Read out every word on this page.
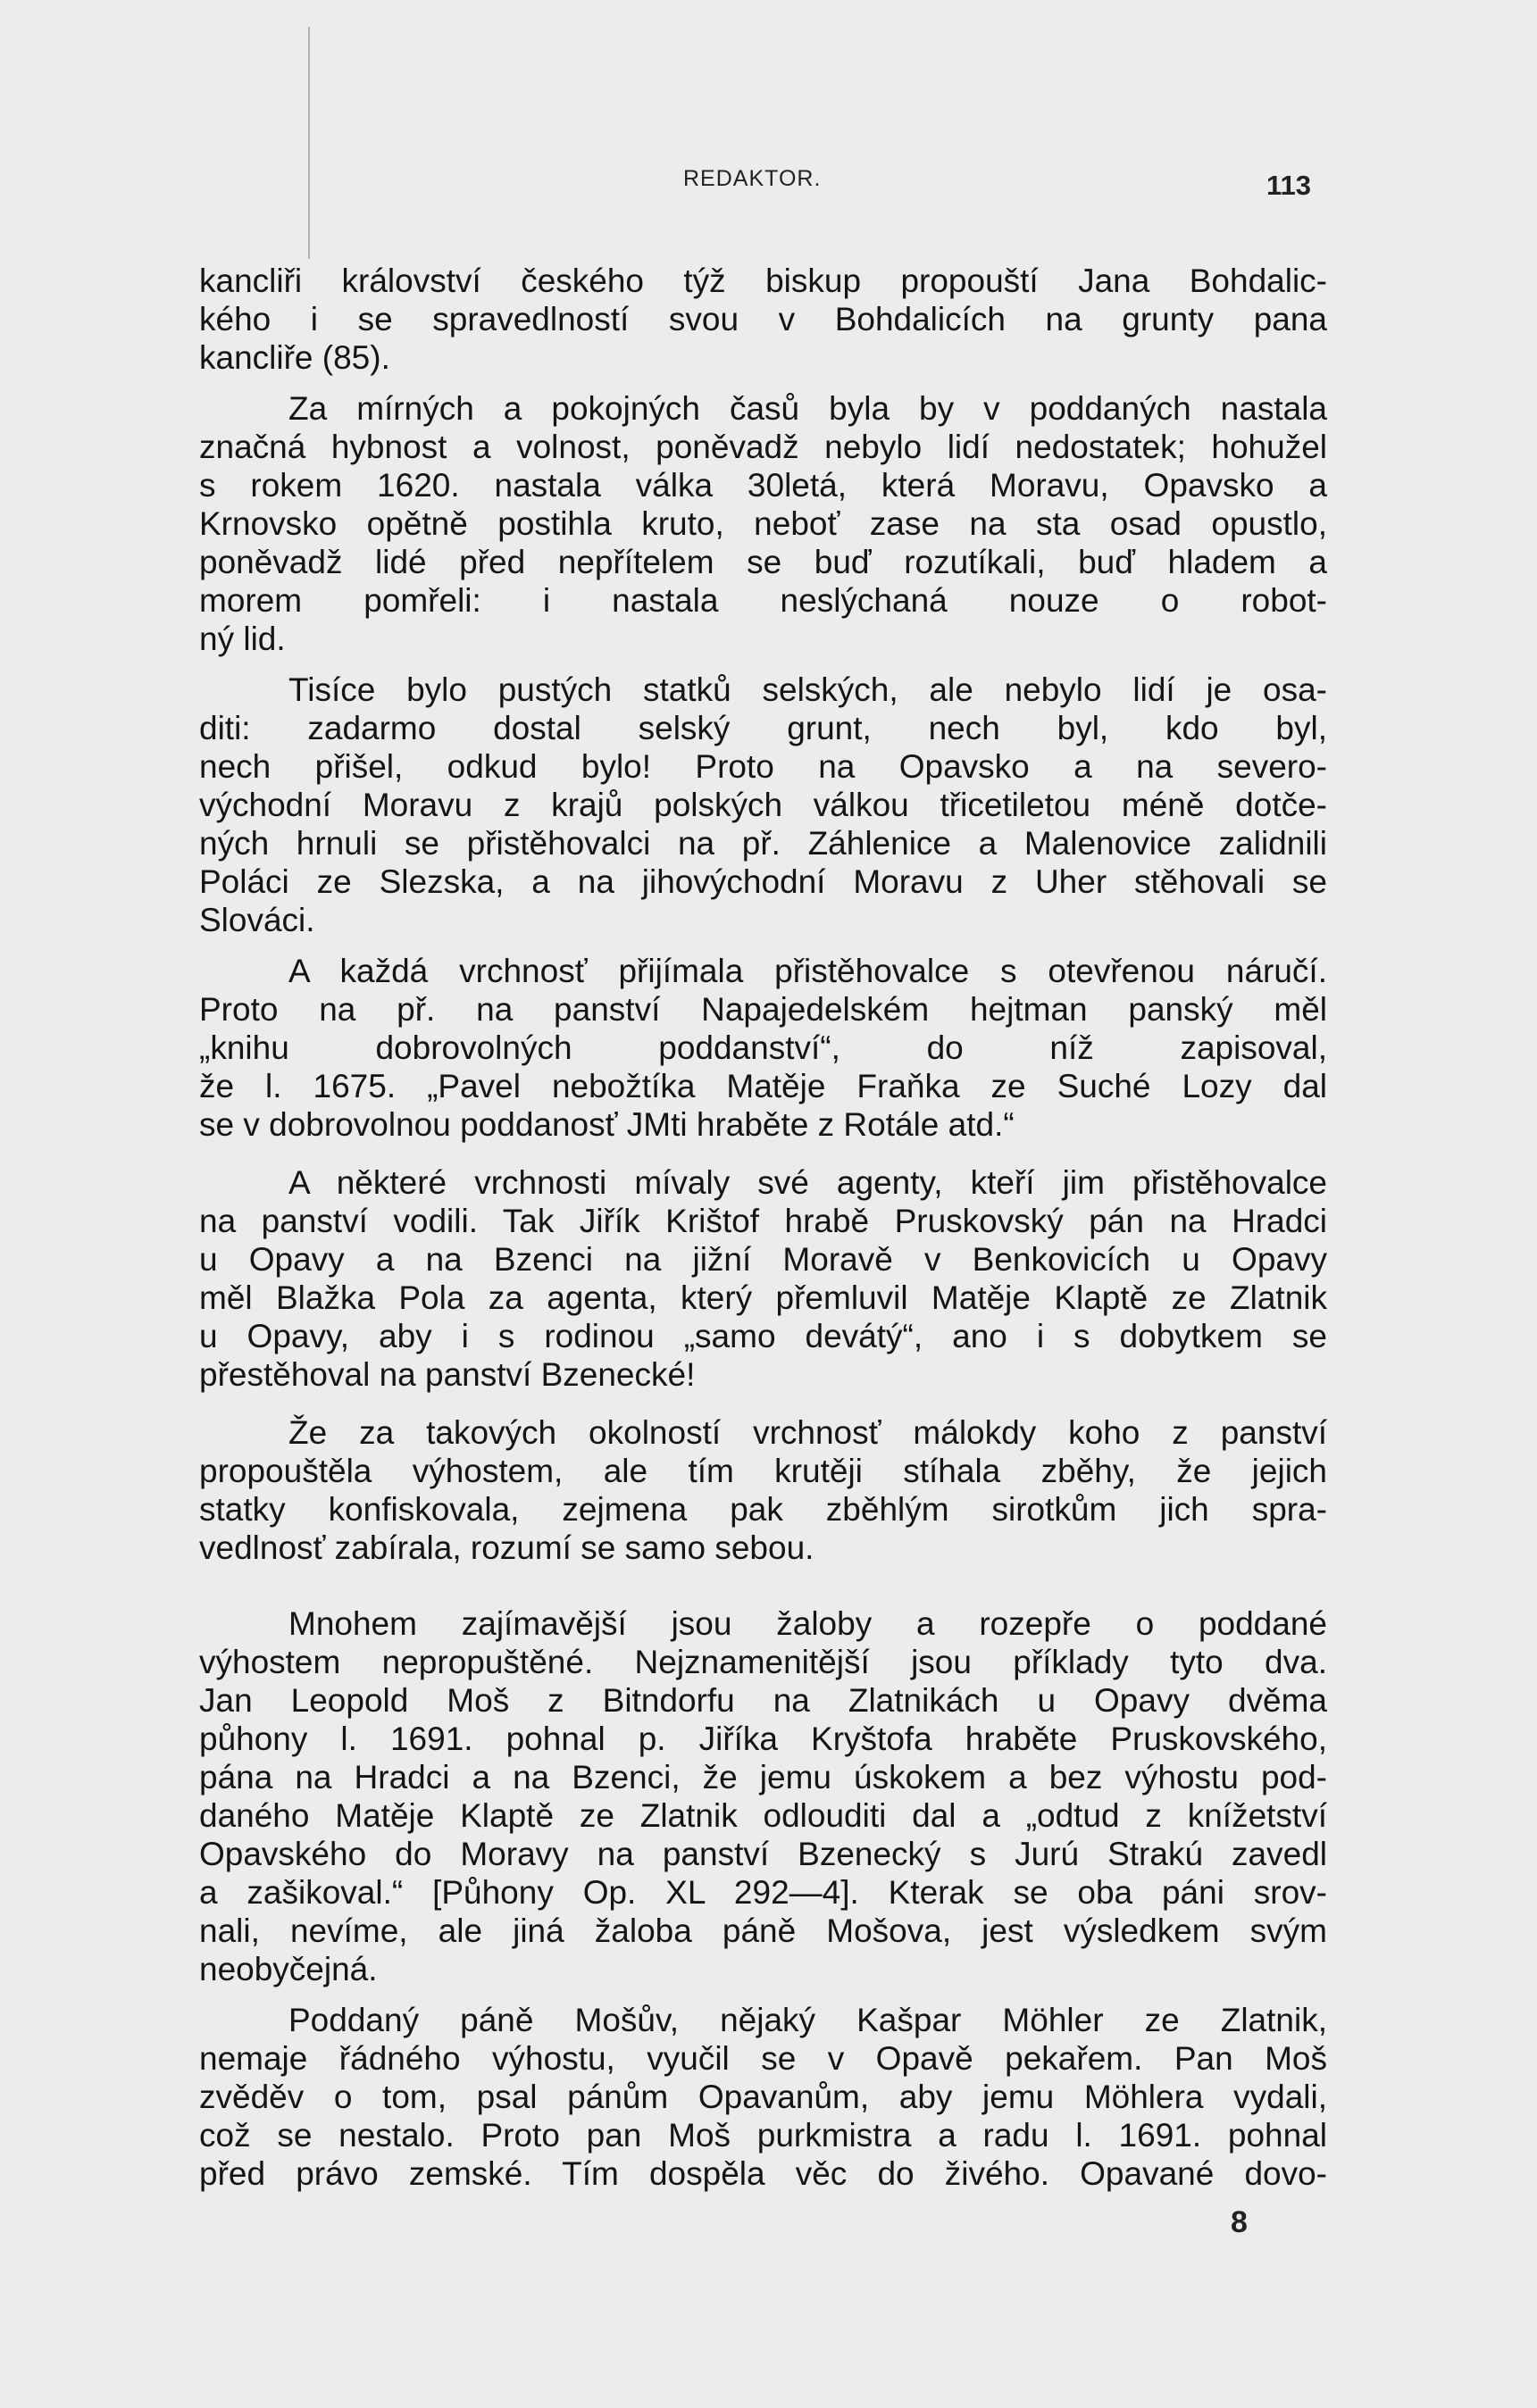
REDAKTOR.	113
kancliři království českého týž biskup propouští Jana Bohdalic-
kého i se spravedlností svou v Bohdalicích na grunty pana
kancliře (85).
Za mírných a pokojných časů byla by v poddaných nastala
značná hybnost a volnost, poněvadž nebylo lidí nedostatek; hohužel
s rokem 1620. nastala válka 30letá, která Moravu, Opavsko a
Krnovsko opětně postihla kruto, neboť zase na sta osad opustlo,
poněvadž lidé před nepřítelem se buď rozutíkali, buď hladem a
morem pomřeli: i nastala neslýchaná nouze o robot-
ný lid.
Tisíce bylo pustých statků selských, ale nebylo lidí je osa-
diti: zadarmo dostal selský grunt, nech byl, kdo byl,
nech přišel, odkud bylo! Proto na Opavsko a na severo-
východní Moravu z krajů polských válkou třicetiletou méně dotče-
ných hrnuli se přistěhovalci na př. Záhlenice a Malenovice zalidnili
Poláci ze Slezska, a na jihovýchodní Moravu z Uher stěhovali se
Slováci.
A každá vrchnosť přijímala přistěhovalce s otevřenou náručí.
Proto na př. na panství Napajedelském hejtman panský měl
„knihu dobrovolných poddanství“, do níž zapisoval,
že l. 1675. „Pavel nebožtíka Matěje Fraňka ze Suché Lozy dal
se v dobrovolnou poddanosť JMti hraběte z Rotále atd.“
A některé vrchnosti mívaly své agenty, kteří jim přistěhovalce
na panství vodili. Tak Jiřík Krištof hrabě Pruskovský pán na Hradci
u Opavy a na Bzenci na jižní Moravě v Benkovicích u Opavy
měl Blažka Pola za agenta, který přemluvil Matěje Klaptě ze Zlatnik
u Opavy, aby i s rodinou „samo devátý“, ano i s dobytkem se
přestěhoval na panství Bzenecké!
Že za takových okolností vrchnosť málokdy koho z panství
propouštěla výhostem, ale tím krutěji stíhala zběhy, že jejich
statky konfiskovala, zejmena pak zběhlým sirotkům jich spra-
vedlnosť zabírala, rozumí se samo sebou.
Mnohem zajímavější jsou žaloby a rozepře o poddané
výhostem nepropuštěné. Nejznamenitější jsou příklady tyto dva.
Jan Leopold Moš z Bitndorfu na Zlatnikách u Opavy dvěma
půhony l. 1691. pohnal p. Jiříka Kryštofa hraběte Pruskovského,
pána na Hradci a na Bzenci, že jemu úskokem a bez výhostu pod-
daného Matěje Klaptě ze Zlatnik odlouditi dal a „odtud z knížetství
Opavského do Moravy na panství Bzenecký s Jurú Strakú zavedl
a zašikoval.“ [Půhony Op. XL 292—4]. Kterak se oba páni srov-
nali, nevíme, ale jiná žaloba páně Mošova, jest výsledkem svým
neobyčejná.
Poddaný páně Mošův, nějaký Kašpar Möhler ze Zlatnik,
nemaje řádného výhostu, vyučil se v Opavě pekařem. Pan Moš
zvěděv o tom, psal pánům Opavanům, aby jemu Möhlera vydali,
což se nestalo. Proto pan Moš purkmistra a radu l. 1691. pohnal
před právo zemské. Tím dospěla věc do živého. Opavané dovo-
8
